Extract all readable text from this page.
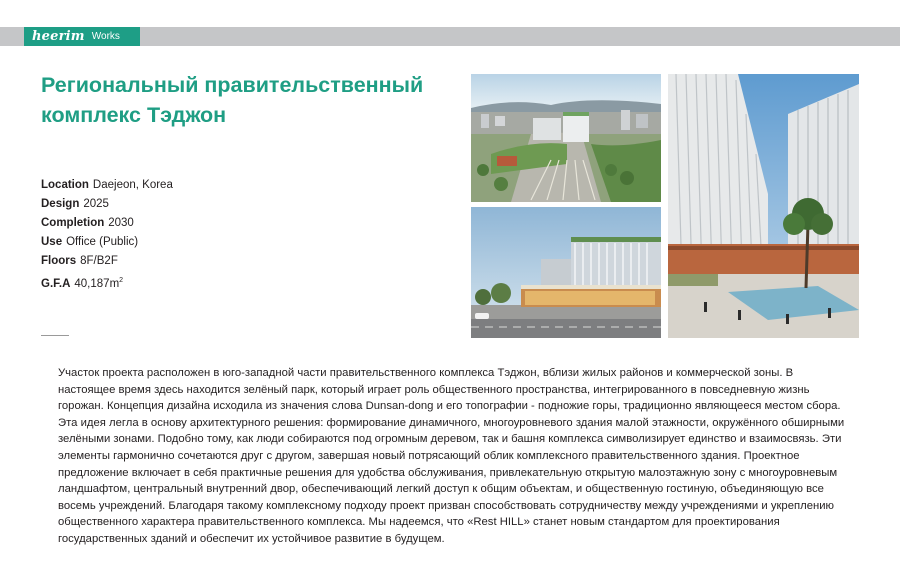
heerim Works
Региональный правительственный
комплекс Тэджон
Location Daejeon, Korea
Design 2025
Completion 2030
Use Office (Public)
Floors 8F/B2F
G.F.A $40,187m^2$
Участок проекта расположен в юго-западной части правительственного комплекса Тэджон, вблизи жилых районов и коммерческой зоны. В настоящее время здесь находится зелёный парк, который играет роль общественного пространства, интегрированного в повседневную жизнь горожан. Концепция дизайна исходила из значения слова Dunsan-dong и его топографии - подножие горы, традиционно являющееся местом сбора. Эта идея легла в основу архитектурного решения: формирование динамичного, многоуровневого здания малой этажности, окружённого обширными зелёными зонами. Подобно тому, как люди собираются под огромным деревом, так и башня комплекса символизирует единство и взаимосвязь. Эти элементы гармонично сочетаются друг с другом, завершая новый потрясающий облик комплексного правительственного здания. Проектное предложение включает в себя практичные решения для удобства обслуживания, привлекательную открытую малоэтажную зону с многоуровневым ландшафтом, центральный внутренний двор, обеспечивающий легкий доступ к общим объектам, и общественную гостиную, объединяющую все восемь учреждений. Благодаря такому комплексному подходу проект призван способствовать сотрудничеству между учреждениями и укреплению общественного характера правительственного комплекса. Мы надеемся, что «Rest HILL» станет новым стандартом для проектирования государственных зданий и обеспечит их устойчивое развитие в будущем.
